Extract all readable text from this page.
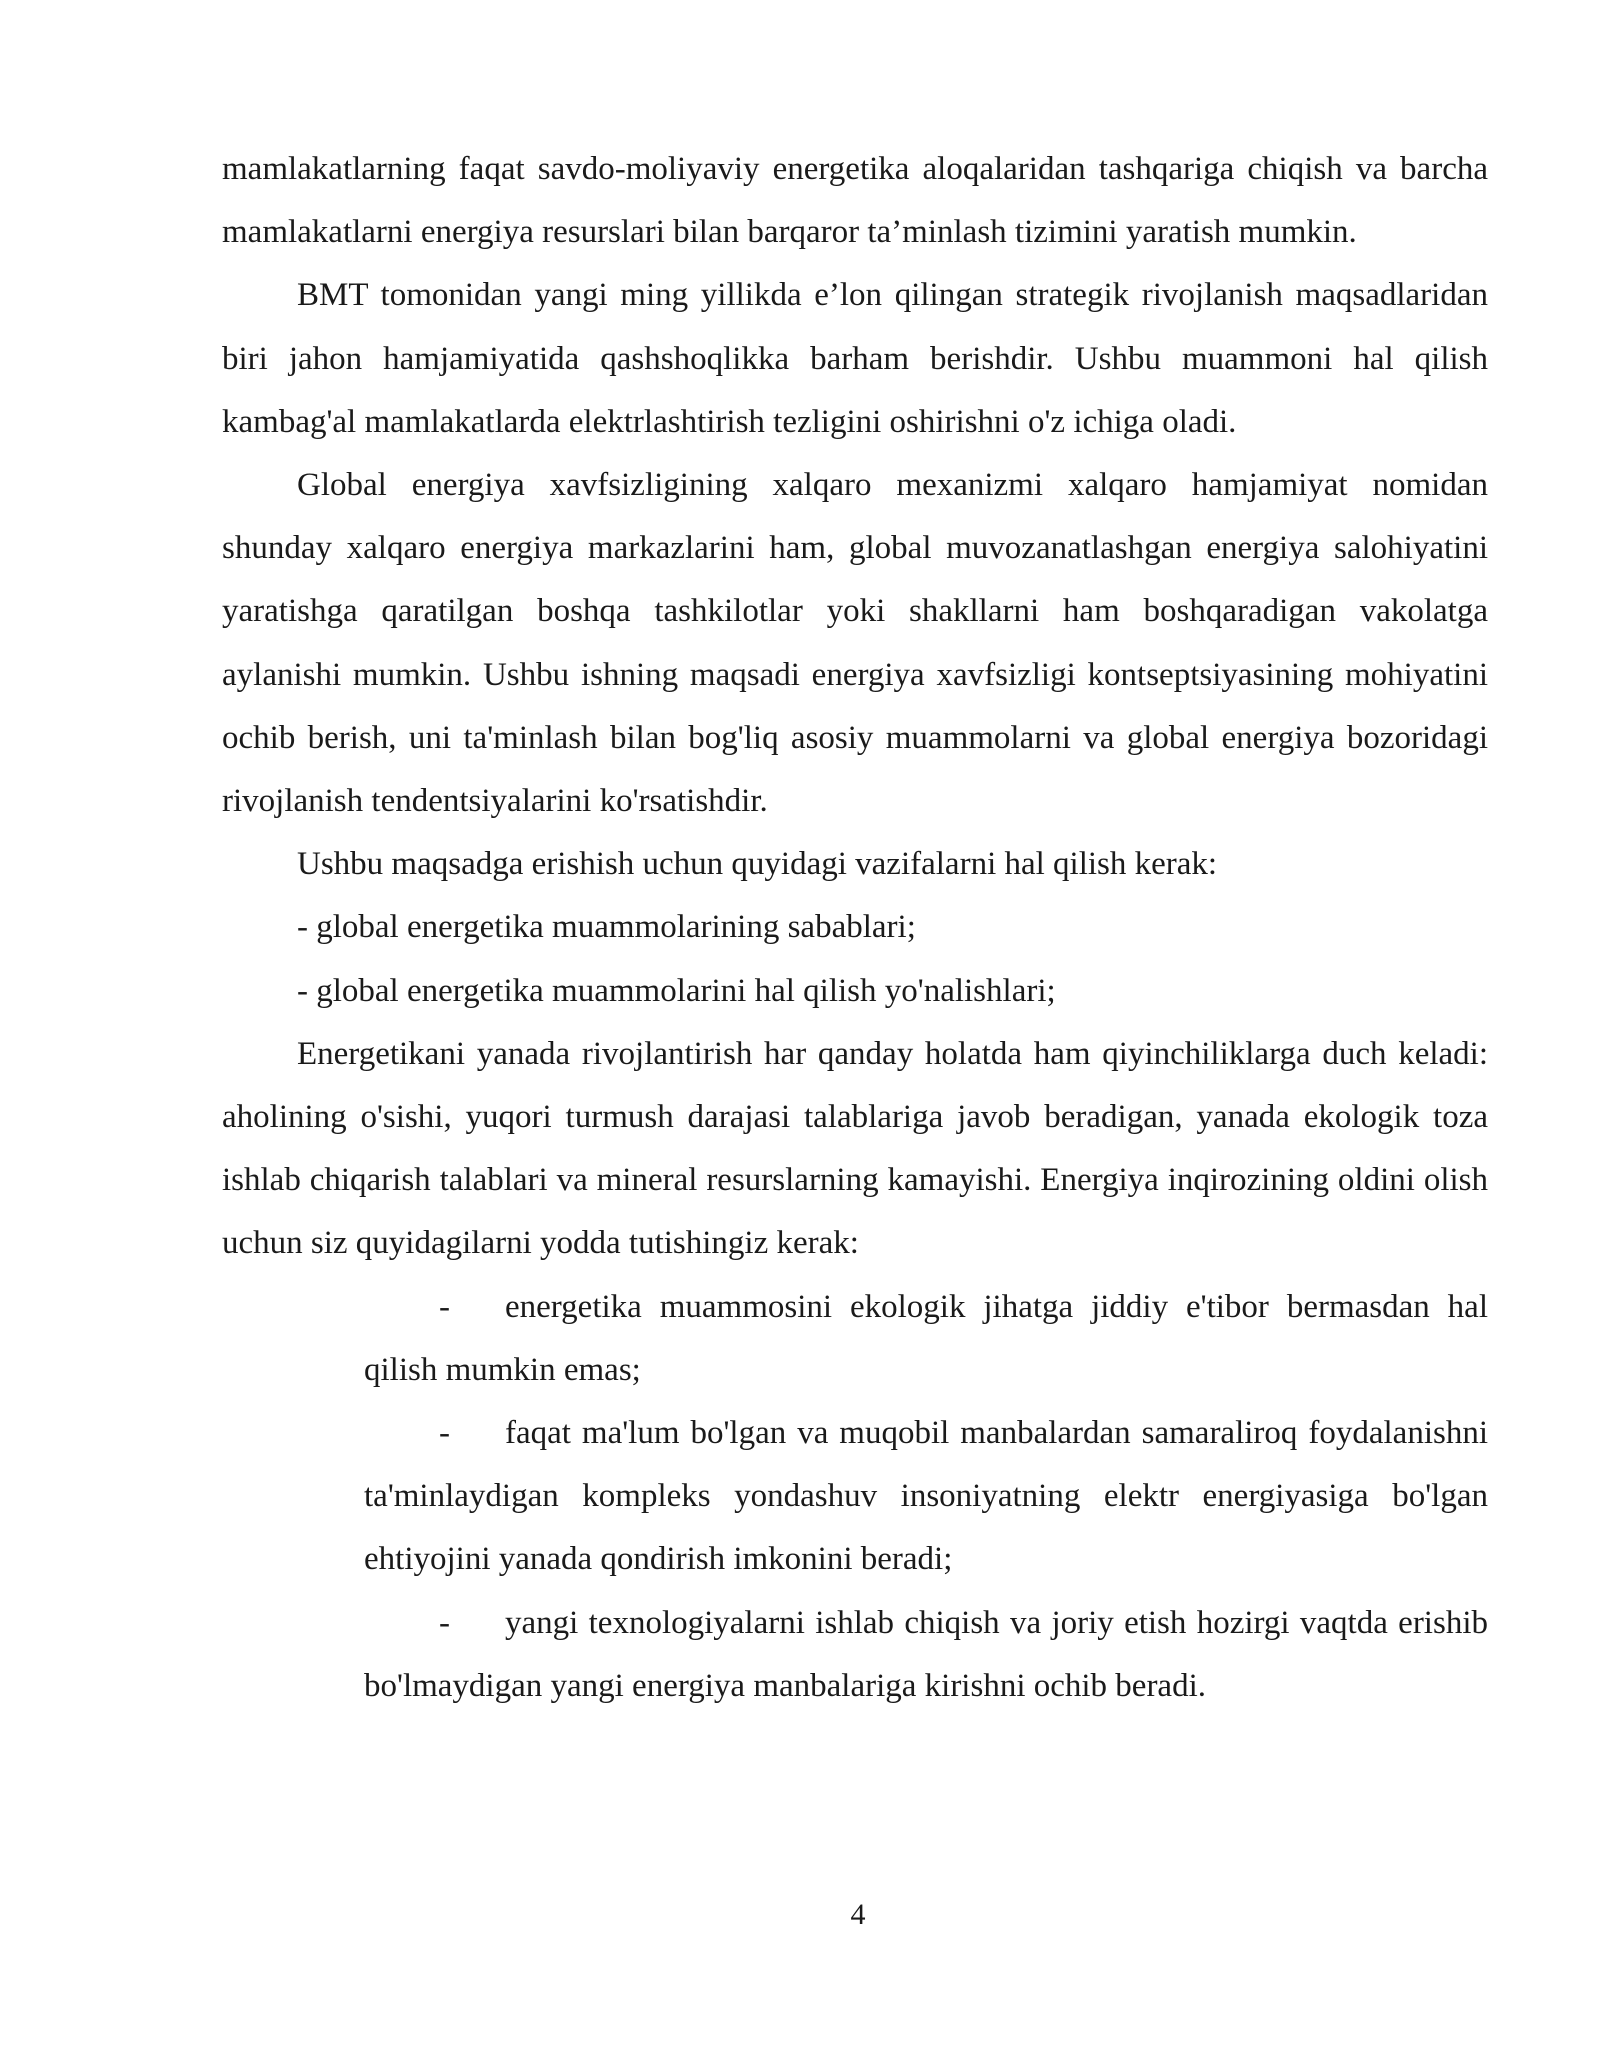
mamlakatlarning faqat savdo-moliyaviy energetika aloqalaridan tashqariga chiqish va barcha mamlakatlarni energiya resurslari bilan barqaror ta’minlash tizimini yaratish mumkin.

BMT tomonidan yangi ming yillikda e’lon qilingan strategik rivojlanish maqsadlaridan biri jahon hamjamiyatida qashshoqlikka barham berishdir. Ushbu muammoni hal qilish kambag'al mamlakatlarda elektrlashtirish tezligini oshirishni o'z ichiga oladi.

Global energiya xavfsizligining xalqaro mexanizmi xalqaro hamjamiyat nomidan shunday xalqaro energiya markazlarini ham, global muvozanatlashgan energiya salohiyatini yaratishga qaratilgan boshqa tashkilotlar yoki shakllarni ham boshqaradigan vakolatga aylanishi mumkin. Ushbu ishning maqsadi energiya xavfsizligi kontseptsiyasining mohiyatini ochib berish, uni ta'minlash bilan bog'liq asosiy muammolarni va global energiya bozoridagi rivojlanish tendentsiyalarini ko'rsatishdir.

Ushbu maqsadga erishish uchun quyidagi vazifalarni hal qilish kerak:

- global energetika muammolarining sabablari;

- global energetika muammolarini hal qilish yo'nalishlari;

Energetikani yanada rivojlantirish har qanday holatda ham qiyinchiliklarga duch keladi: aholining o'sishi, yuqori turmush darajasi talablariga javob beradigan, yanada ekologik toza ishlab chiqarish talablari va mineral resurslarning kamayishi. Energiya inqirozining oldini olish uchun siz quyidagilarni yodda tutishingiz kerak:

- energetika muammosini ekologik jihatga jiddiy e'tibor bermasdan hal qilish mumkin emas;

- faqat ma'lum bo'lgan va muqobil manbalardan samaraliroq foydalanishni ta'minlaydigan kompleks yondashuv insoniyatning elektr energiyasiga bo'lgan ehtiyojini yanada qondirish imkonini beradi;

- yangi texnologiyalarni ishlab chiqish va joriy etish hozirgi vaqtda erishib bo'lmaydigan yangi energiya manbalariga kirishni ochib beradi.

4
